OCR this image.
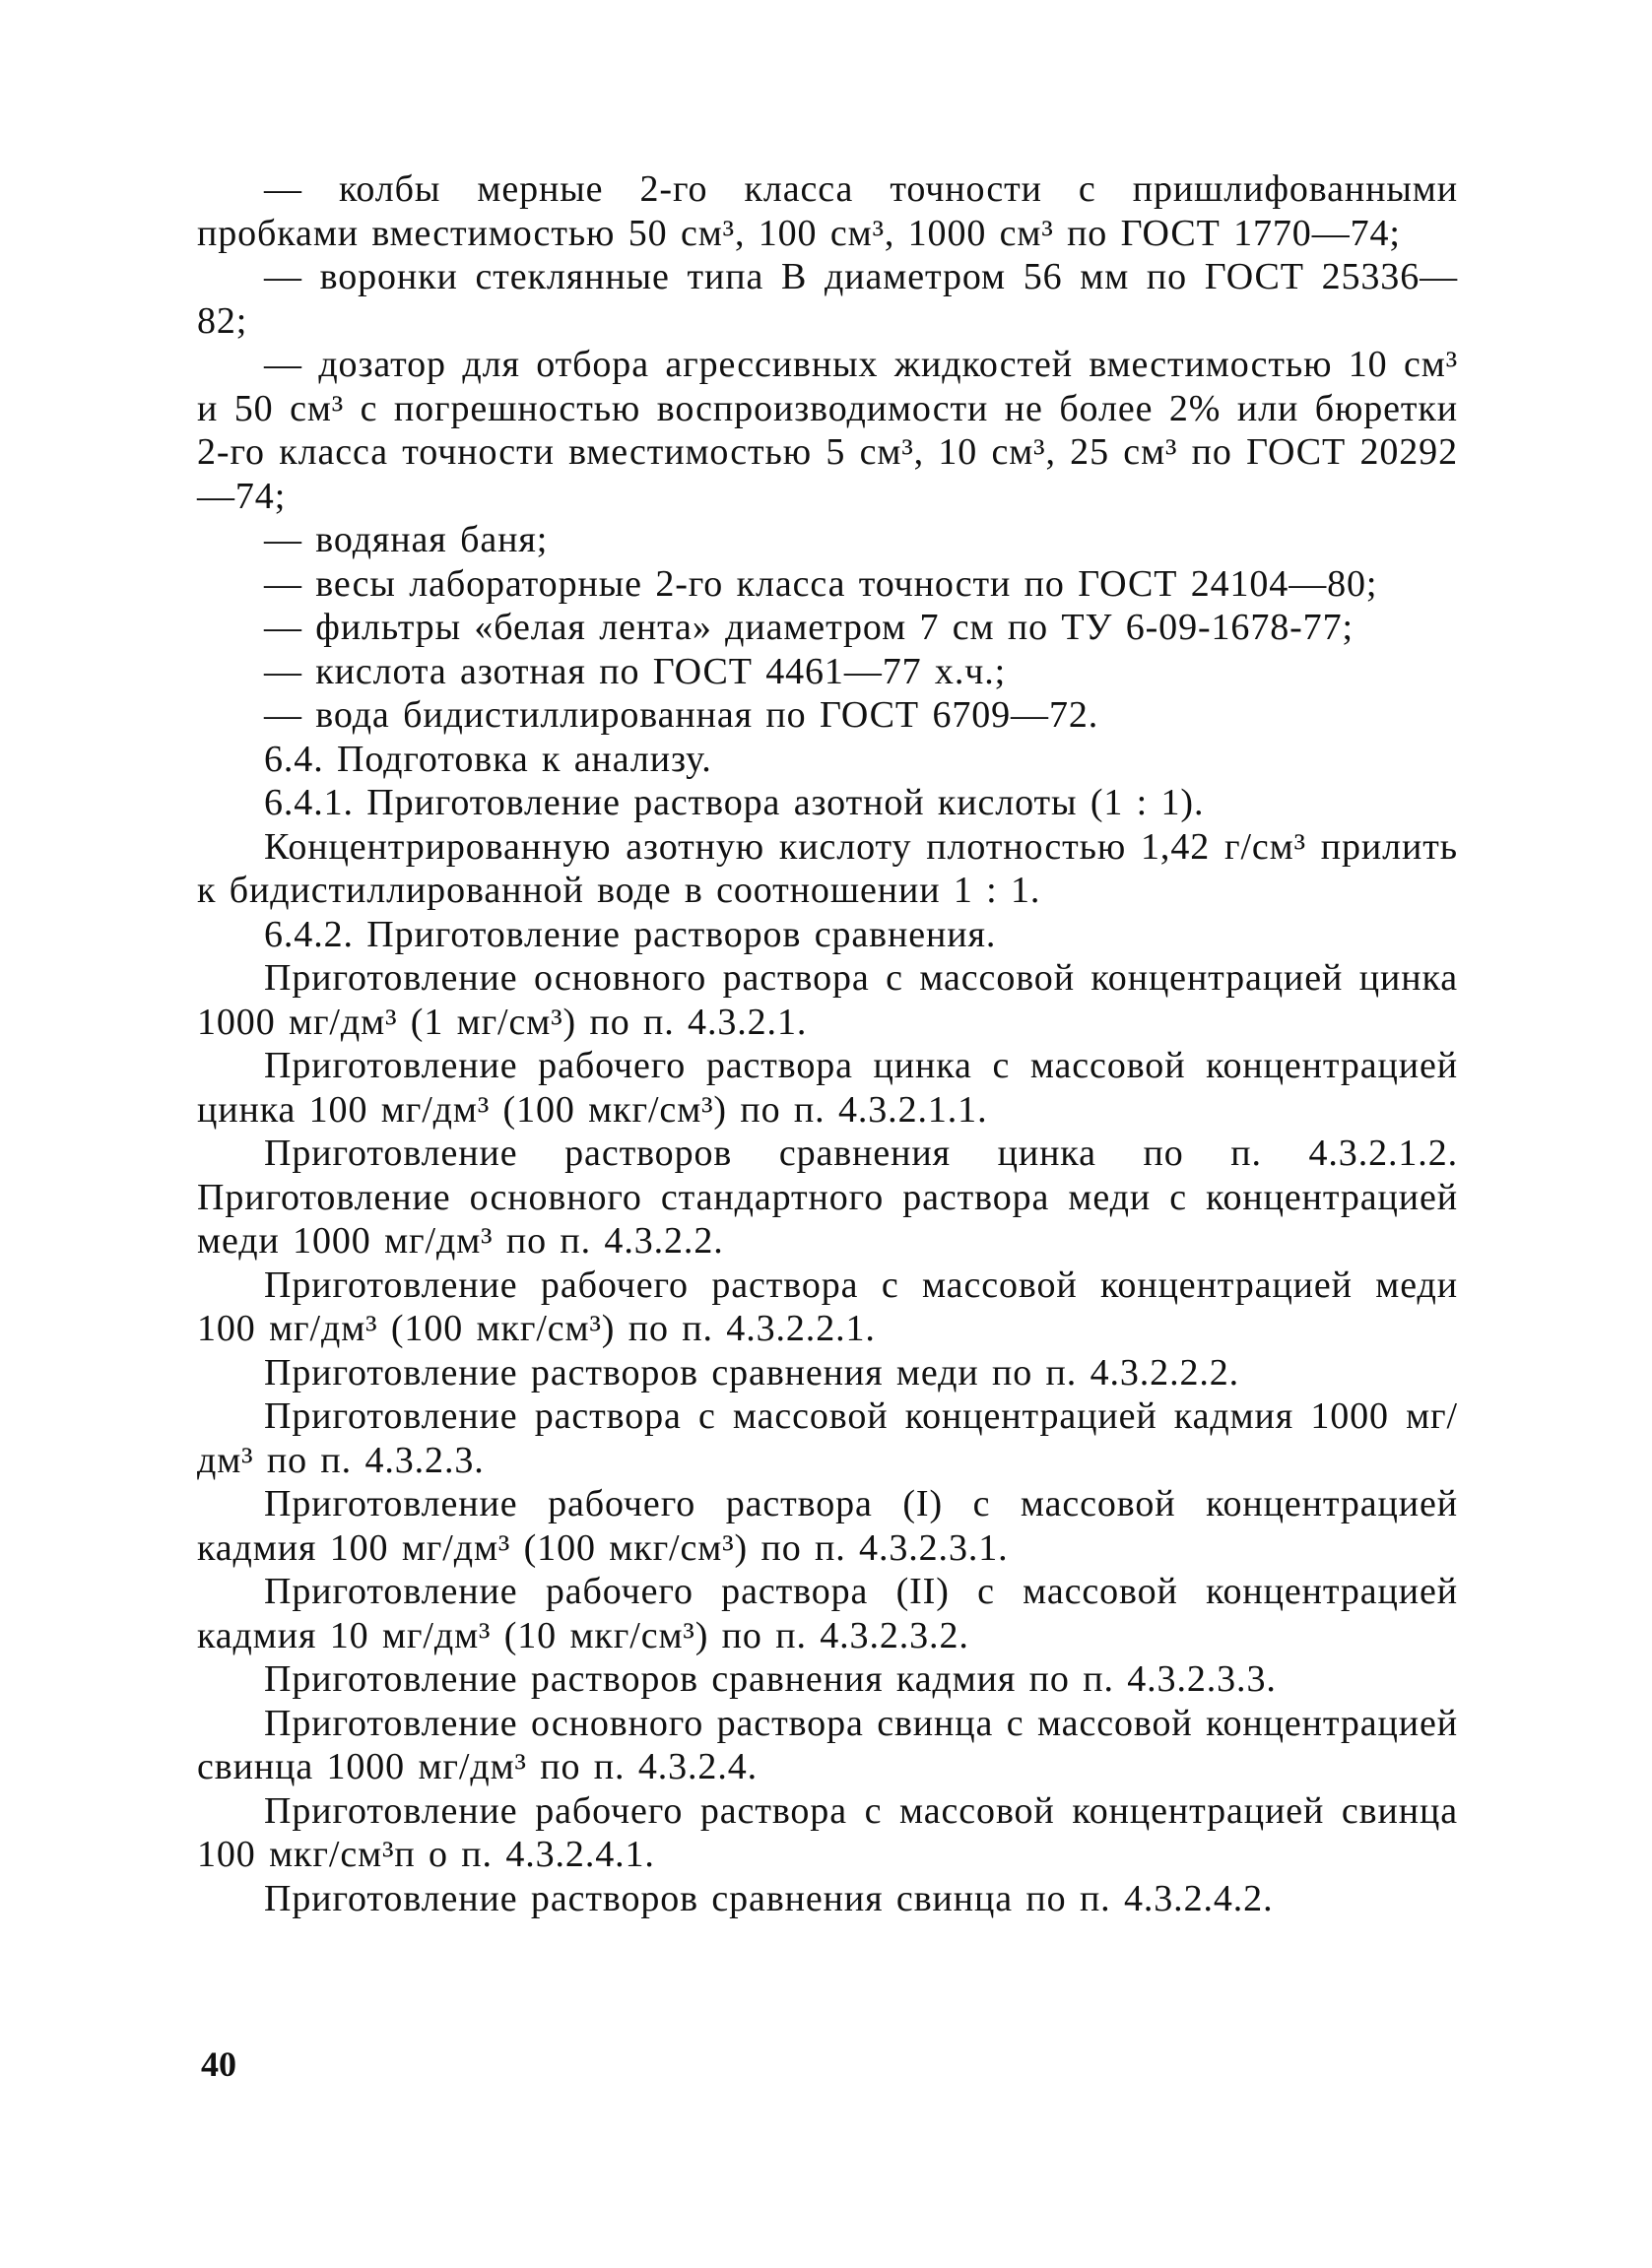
— колбы мерные 2-го класса точности с пришлифованными пробками вместимостью 50 см³, 100 см³, 1000 см³ по ГОСТ 1770—74;

— воронки стеклянные типа В диаметром 56 мм по ГОСТ 25336—82;

— дозатор для отбора агрессивных жидкостей вместимостью 10 см³ и 50 см³ с погрешностью воспроизводимости не более 2% или бюретки 2-го класса точности вместимостью 5 см³, 10 см³, 25 см³ по ГОСТ 20292—74;

— водяная баня;

— весы лабораторные 2-го класса точности по ГОСТ 24104—80;

— фильтры «белая лента» диаметром 7 см по ТУ 6-09-1678-77;

— кислота азотная по ГОСТ 4461—77 х.ч.;

— вода бидистиллированная по ГОСТ 6709—72.

6.4. Подготовка к анализу.

6.4.1. Приготовление раствора азотной кислоты (1 : 1).

Концентрированную азотную кислоту плотностью 1,42 г/см³ прилить к бидистиллированной воде в соотношении 1 : 1.

6.4.2. Приготовление растворов сравнения.

Приготовление основного раствора с массовой концентрацией цинка 1000 мг/дм³ (1 мг/см³) по п. 4.3.2.1.

Приготовление рабочего раствора цинка с массовой концентрацией цинка 100 мг/дм³ (100 мкг/см³) по п. 4.3.2.1.1.

Приготовление растворов сравнения цинка по п. 4.3.2.1.2. Приготовление основного стандартного раствора меди с концентрацией меди 1000 мг/дм³ по п. 4.3.2.2.

Приготовление рабочего раствора с массовой концентрацией меди 100 мг/дм³ (100 мкг/см³) по п. 4.3.2.2.1.

Приготовление растворов сравнения меди по п. 4.3.2.2.2.

Приготовление раствора с массовой концентрацией кадмия 1000 мг/дм³ по п. 4.3.2.3.

Приготовление рабочего раствора (I) с массовой концентрацией кадмия 100 мг/дм³ (100 мкг/см³) по п. 4.3.2.3.1.

Приготовление рабочего раствора (II) с массовой концентрацией кадмия 10 мг/дм³ (10 мкг/см³) по п. 4.3.2.3.2.

Приготовление растворов сравнения кадмия по п. 4.3.2.3.3.

Приготовление основного раствора свинца с массовой концентрацией свинца 1000 мг/дм³ по п. 4.3.2.4.

Приготовление рабочего раствора с массовой концентрацией свинца 100 мкг/см³п о п. 4.3.2.4.1.

Приготовление растворов сравнения свинца по п. 4.3.2.4.2.

40
